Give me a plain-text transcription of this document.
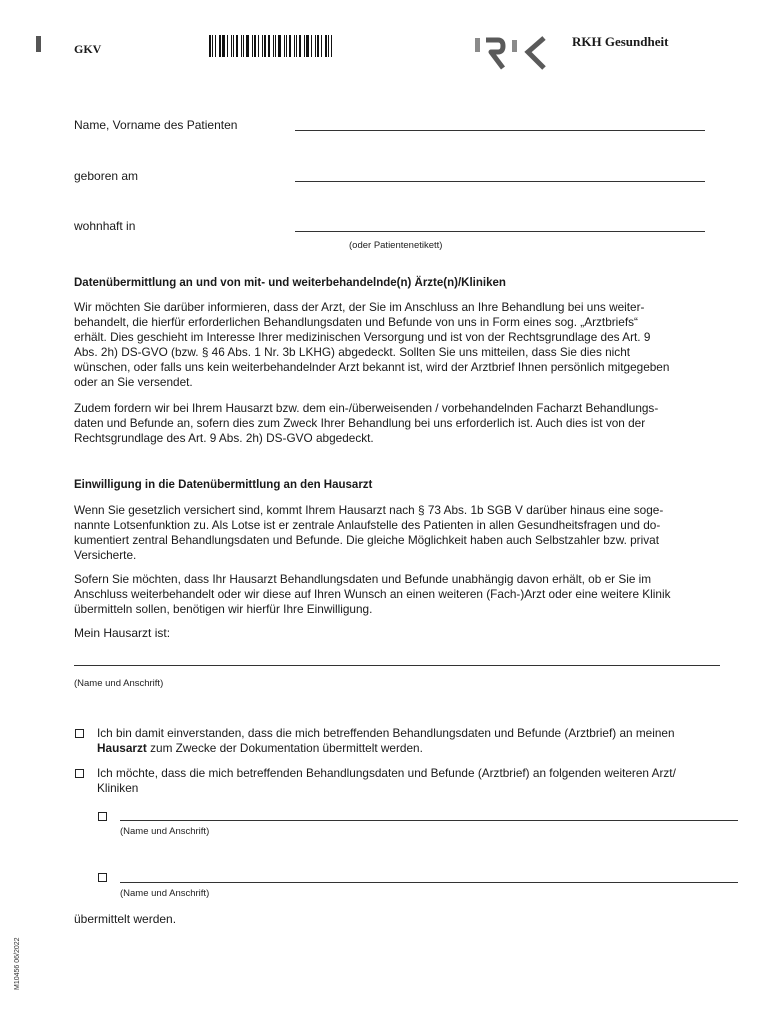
GKV	RKH Gesundheit
Name, Vorname des Patienten
geboren am
wohnhaft in
(oder Patientenetikett)
Datenübermittlung an und von mit- und weiterbehandelnde(n) Ärzte(n)/Kliniken
Wir möchten Sie darüber informieren, dass der Arzt, der Sie im Anschluss an Ihre Behandlung bei uns weiter-
behandelt, die hierfür erforderlichen Behandlungsdaten und Befunde von uns in Form eines sog. „Arztbriefs“
erhält. Dies geschieht im Interesse Ihrer medizinischen Versorgung und ist von der Rechtsgrundlage des Art. 9
Abs. 2h) DS-GVO (bzw. § 46 Abs. 1 Nr. 3b LKHG) abgedeckt. Sollten Sie uns mitteilen, dass Sie dies nicht
wünschen, oder falls uns kein weiterbehandelnder Arzt bekannt ist, wird der Arztbrief Ihnen persönlich mitgegeben
oder an Sie versendet.
Zudem fordern wir bei Ihrem Hausarzt bzw. dem ein-/überweisenden / vorbehandelnden Facharzt Behandlungs-
daten und Befunde an, sofern dies zum Zweck Ihrer Behandlung bei uns erforderlich ist. Auch dies ist von der
Rechtsgrundlage des Art. 9 Abs. 2h) DS-GVO abgedeckt.
Einwilligung in die Datenübermittlung an den Hausarzt
Wenn Sie gesetzlich versichert sind, kommt Ihrem Hausarzt nach § 73 Abs. 1b SGB V darüber hinaus eine soge-
nannte Lotsenfunktion zu. Als Lotse ist er zentrale Anlaufstelle des Patienten in allen Gesundheitsfragen und do-
kumentiert zentral Behandlungsdaten und Befunde. Die gleiche Möglichkeit haben auch Selbstzahler bzw. privat
Versicherte.
Sofern Sie möchten, dass Ihr Hausarzt Behandlungsdaten und Befunde unabhängig davon erhält, ob er Sie im
Anschluss weiterbehandelt oder wir diese auf Ihren Wunsch an einen weiteren (Fach-)Arzt oder eine weitere Klinik
übermitteln sollen, benötigen wir hierfür Ihre Einwilligung.
Mein Hausarzt ist:
(Name und Anschrift)
Ich bin damit einverstanden, dass die mich betreffenden Behandlungsdaten und Befunde (Arztbrief) an meinen
Hausarzt zum Zwecke der Dokumentation übermittelt werden.
Ich möchte, dass die mich betreffenden Behandlungsdaten und Befunde (Arztbrief) an folgenden weiteren Arzt/
Kliniken
(Name und Anschrift)
(Name und Anschrift)
übermittelt werden.
M10456 06/2022
